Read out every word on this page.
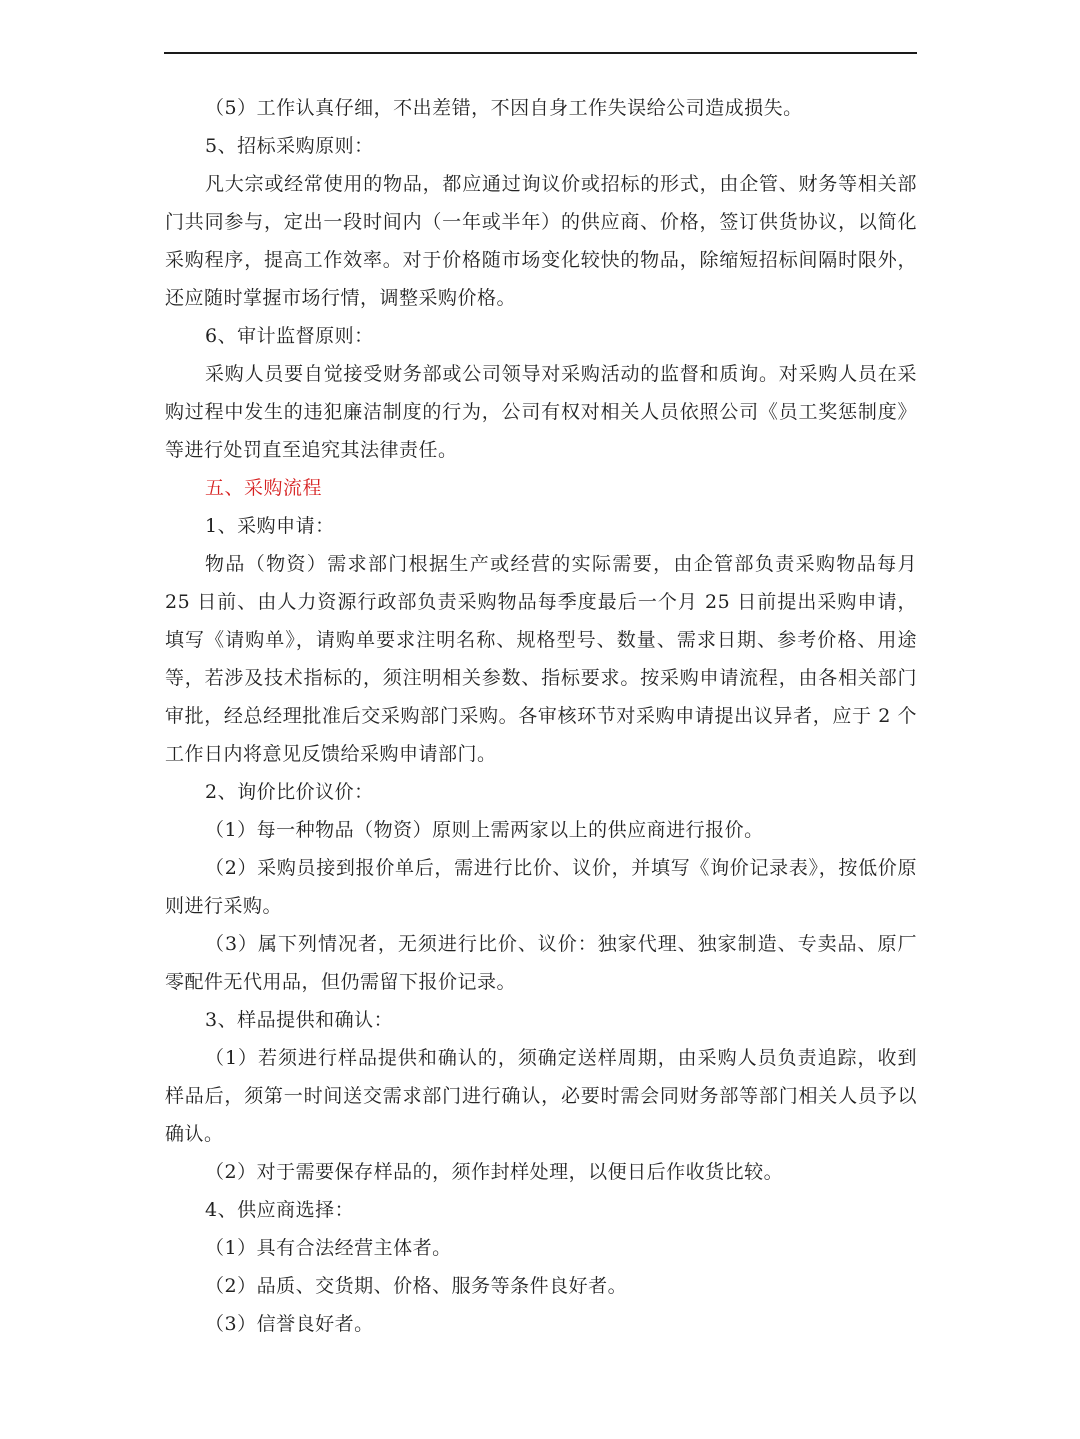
（5）工作认真仔细，不出差错，不因自身工作失误给公司造成损失。

5、招标采购原则：

凡大宗或经常使用的物品，都应通过询议价或招标的形式，由企管、财务等相关部门共同参与，定出一段时间内（一年或半年）的供应商、价格，签订供货协议，以简化采购程序，提高工作效率。对于价格随市场变化较快的物品，除缩短招标间隔时限外，还应随时掌握市场行情，调整采购价格。

6、审计监督原则：

采购人员要自觉接受财务部或公司领导对采购活动的监督和质询。对采购人员在采购过程中发生的违犯廉洁制度的行为，公司有权对相关人员依照公司《员工奖惩制度》等进行处罚直至追究其法律责任。

五、采购流程

1、采购申请：

物品（物资）需求部门根据生产或经营的实际需要，由企管部负责采购物品每月 25 日前、由人力资源行政部负责采购物品每季度最后一个月 25 日前提出采购申请，填写《请购单》，请购单要求注明名称、规格型号、数量、需求日期、参考价格、用途等，若涉及技术指标的，须注明相关参数、指标要求。按采购申请流程，由各相关部门审批，经总经理批准后交采购部门采购。各审核环节对采购申请提出议异者，应于 2 个工作日内将意见反馈给采购申请部门。

2、询价比价议价：

（1）每一种物品（物资）原则上需两家以上的供应商进行报价。

（2）采购员接到报价单后，需进行比价、议价，并填写《询价记录表》，按低价原则进行采购。

（3）属下列情况者，无须进行比价、议价：独家代理、独家制造、专卖品、原厂零配件无代用品，但仍需留下报价记录。

3、样品提供和确认：

（1）若须进行样品提供和确认的，须确定送样周期，由采购人员负责追踪，收到样品后，须第一时间送交需求部门进行确认，必要时需会同财务部等部门相关人员予以确认。

（2）对于需要保存样品的，须作封样处理，以便日后作收货比较。

4、供应商选择：

（1）具有合法经营主体者。

（2）品质、交货期、价格、服务等条件良好者。

（3）信誉良好者。
